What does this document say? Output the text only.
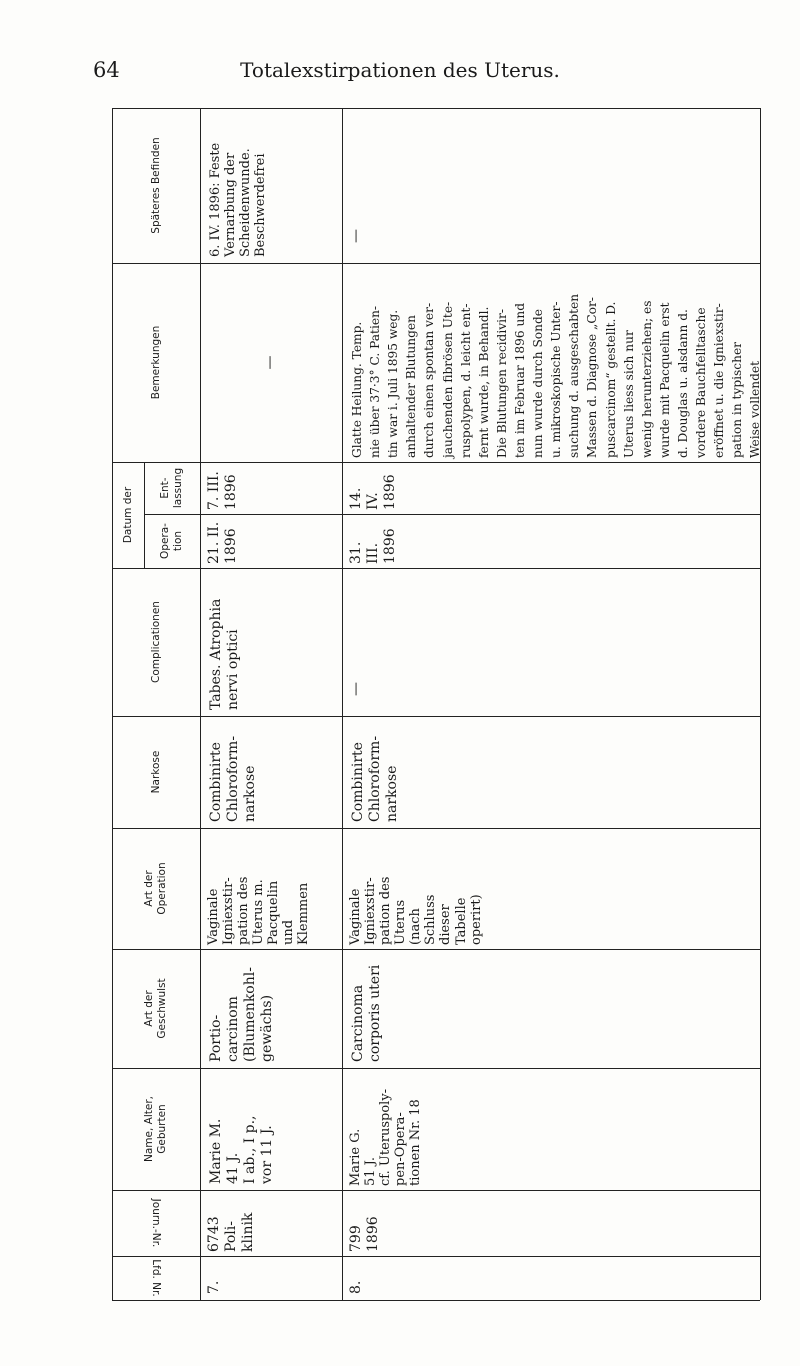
64	Totalexstirpationen des Uterus.
Späteres Befinden
Bemerkungen
Datum der	Ent-
lassung
Opera-
tion
Complicationen
Narkose
Art der
Operation
Art der
Geschwulst
Name, Alter,
Geburten
Journ.-Nr.
Lfd. Nr.
6. IV. 1896: Feste
Vernarbung der
Scheidenwunde.
Beschwerdefrei
—
7. III.
1896
21. II.
1896
Tabes. Atrophia
nervi optici
Combinirte
Chloroform-
narkose
Vaginale
Igniexstir-
pation des
Uterus m.
Pacquelin
und
Klemmen
Portio-
carcinom
(Blumenkohl-
gewächs)
Marie M.
41 J.
I ab., I p.,
vor 11 J.
6743
Poli-
klinik
7.
—
Glatte Heilung. Temp.
nie über 37·3° C. Patien-
tin war i. Juli 1895 weg.
anhaltender Blutungen
durch einen spontan ver-
jauchenden fibrösen Ute-
ruspolypen, d. leicht ent-
fernt wurde, in Behandl.
Die Blutungen recidivir-
ten im Februar 1896 und
nun wurde durch Sonde
u. mikroskopische Unter-
suchung d. ausgeschabten
Massen d. Diagnose „Cor-
puscarcinom“ gestellt. D.
Uterus liess sich nur
wenig herunterziehen; es
wurde mit Pacquelin erst
d. Douglas u. alsdann d.
vordere Bauchfelltasche
eröffnet u. die Igniexstir-
pation in typischer
Weise vollendet
14. IV.
1896
31. III.
1896
—
Combinirte
Chloroform-
narkose
Vaginale
Igniexstir-
pation des
Uterus
(nach
Schluss
dieser
Tabelle
operirt)
Carcinoma
corporis uteri
Marie G.
51 J.
cf. Uteruspoly-
pen-Opera-
tionen Nr. 18
799
1896
8.
